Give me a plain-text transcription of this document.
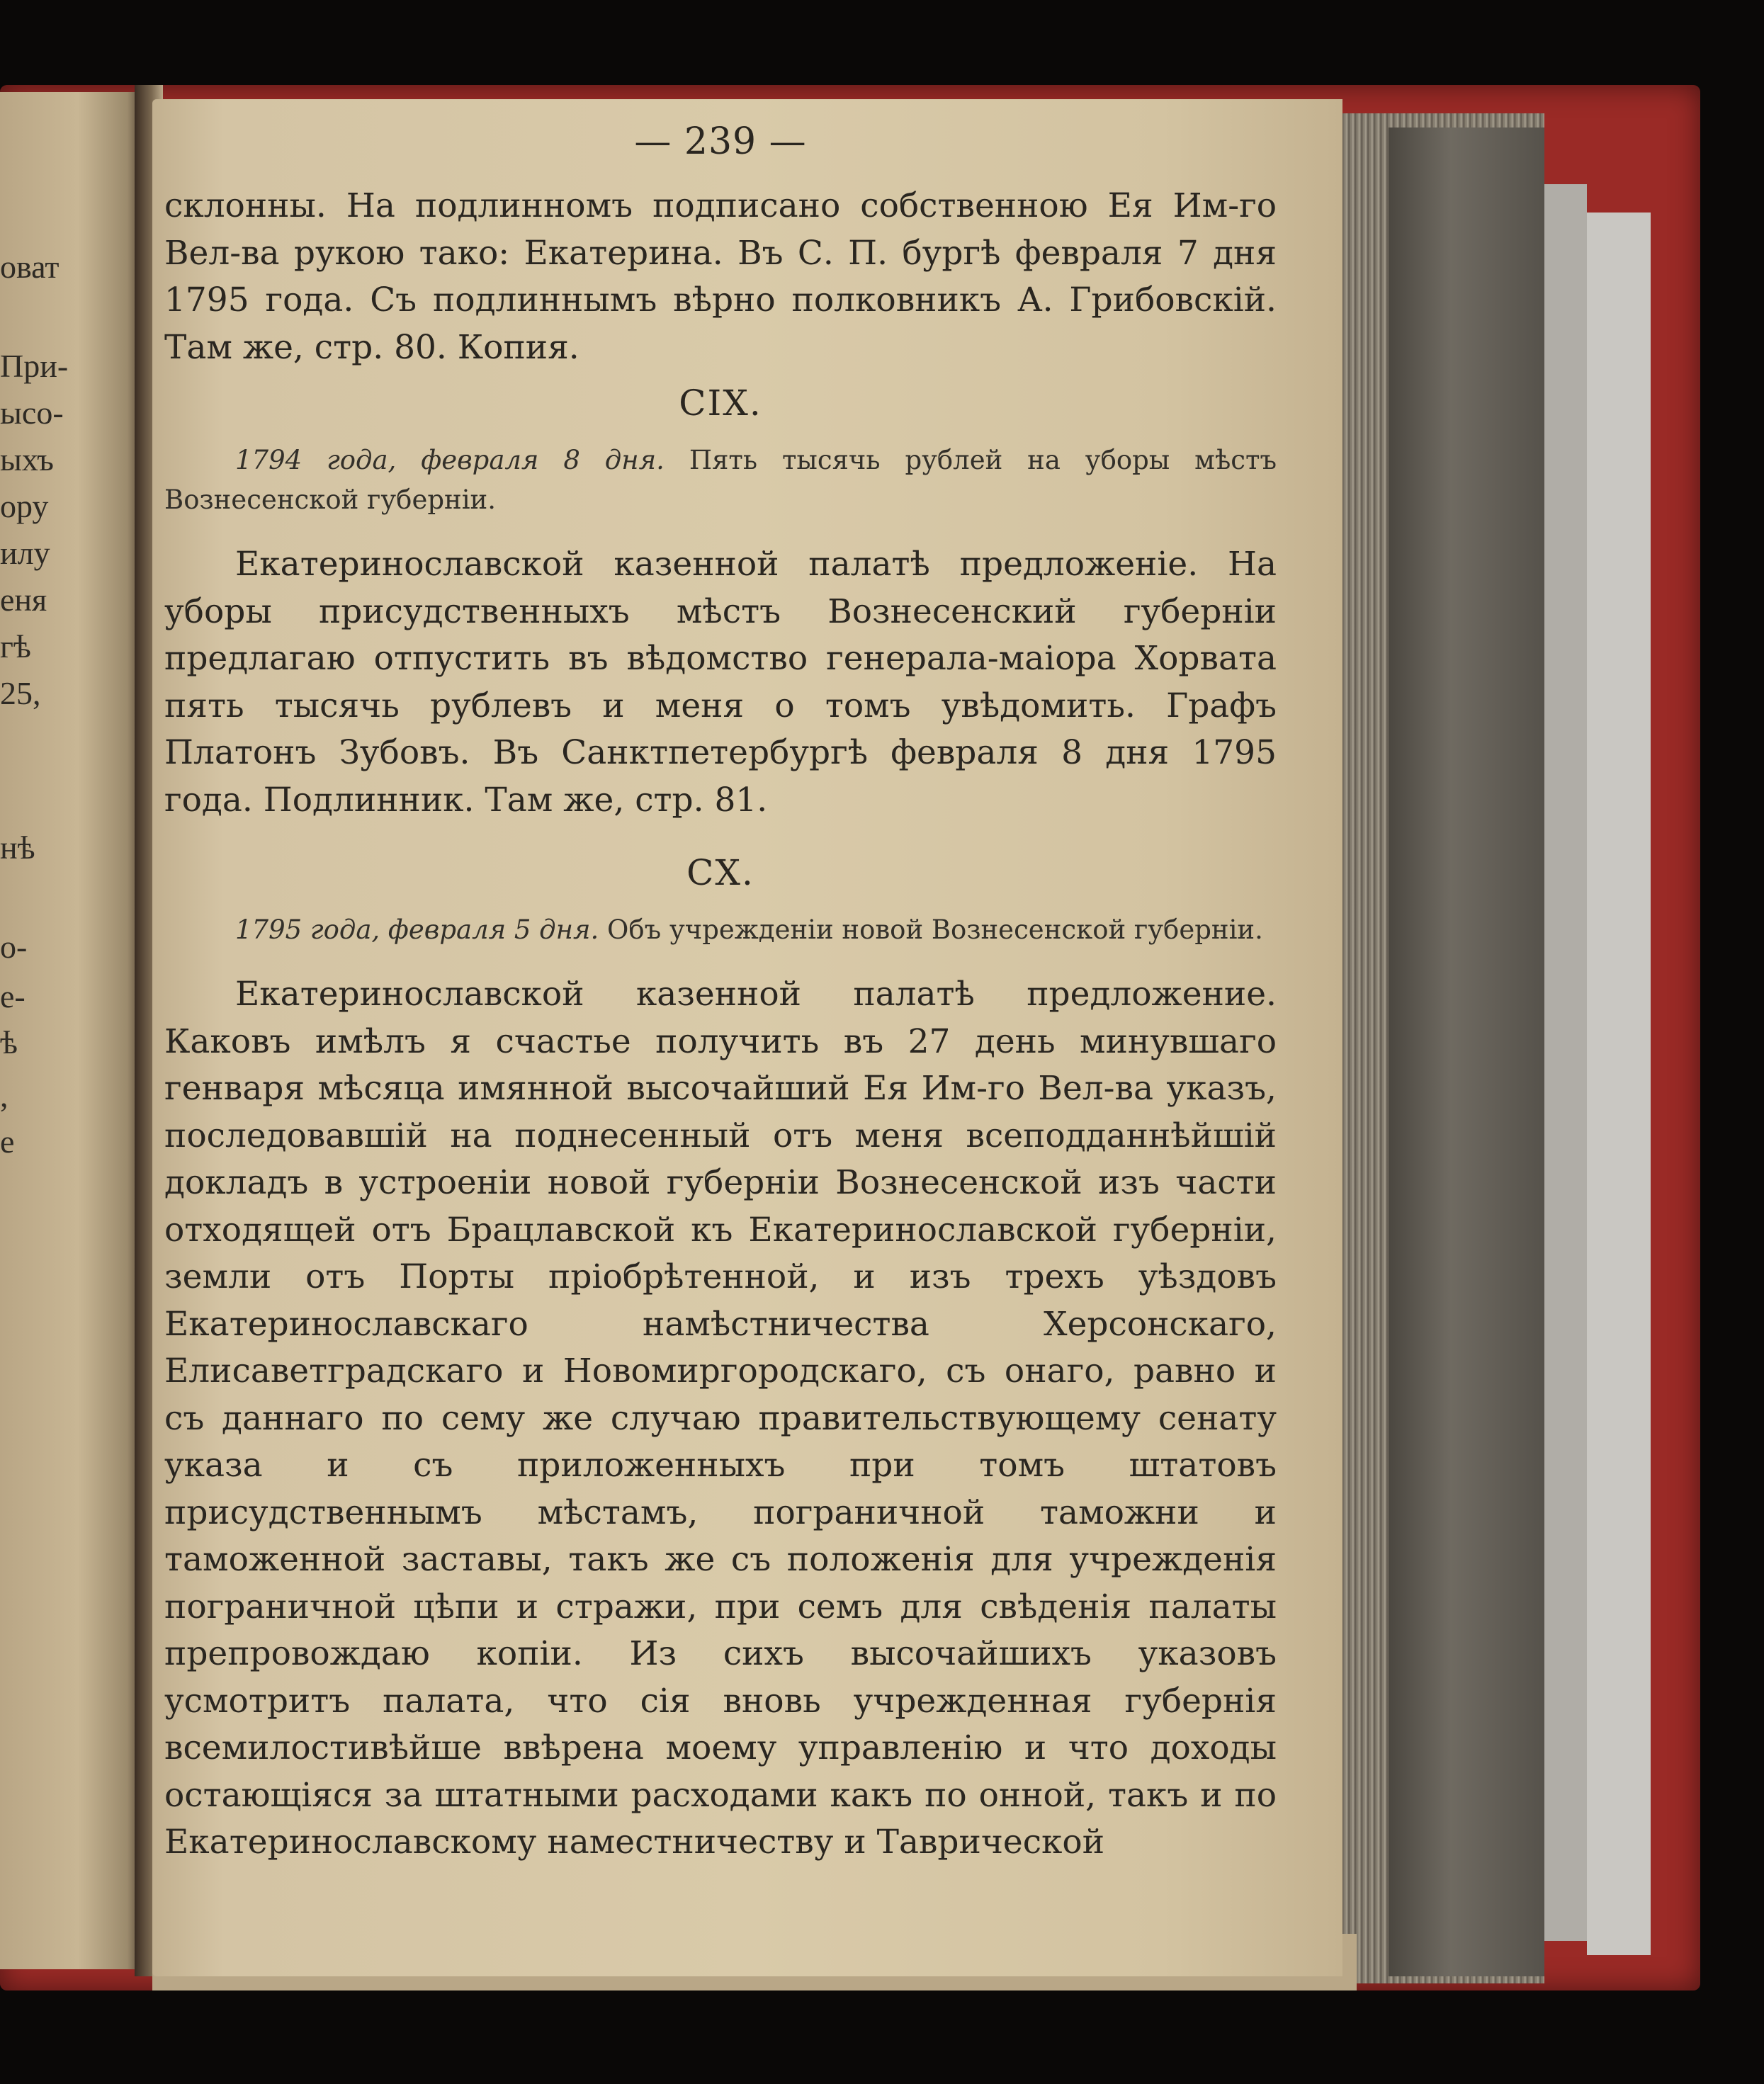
оват
При-
ысо-
ыхъ
ору
илу
еня
гѣ
25,
нѣ
о-
е-
ѣ
,
е
— 239 —
склонны. На подлинномъ подписано собственною Ея Им-го Вел-ва рукою тако: Екатерина. Въ С. П. бургѣ февраля 7 дня 1795 года. Съ подлиннымъ вѣрно полковникъ А. Грибовскій. Там же, стр. 80. Копия.
CIX.
1794 года, февраля 8 дня. Пять тысячь рублей на уборы мѣстъ Вознесенской губерніи.
Екатеринославской казенной палатѣ предложеніе. На уборы присудственныхъ мѣстъ Вознесенский губерніи предлагаю отпустить въ вѣдомство генерала-маіора Хорвата пять тысячь рублевъ и меня о томъ увѣдомить. Графъ Платонъ Зубовъ. Въ Санктпетербургѣ февраля 8 дня 1795 года. Подлинник. Там же, стр. 81.
CX.
1795 года, февраля 5 дня. Объ учрежденіи новой Вознесенской губерніи.
Екатеринославской казенной палатѣ предложение. Каковъ имѣлъ я счастье получить въ 27 день минувшаго генваря мѣсяца имянной высочайший Ея Им-го Вел-ва указъ, последовавшій на поднесенный отъ меня всеподданнѣйшій докладъ в устроеніи новой губерніи Вознесенской изъ части отходящей отъ Брацлавской къ Екатеринославской губерніи, земли отъ Порты пріобрѣтенной, и изъ трехъ уѣздовъ Екатеринославскаго намѣстничества Херсонскаго, Елисаветградскаго и Новомиргородскаго, съ онаго, равно и съ даннаго по сему же случаю правительствующему сенату указа и съ приложенныхъ при томъ штатовъ присудственнымъ мѣстамъ, пограничной таможни и таможенной заставы, такъ же съ положенія для учрежденія пограничной цѣпи и стражи, при семъ для свѣденія палаты препровождаю копіи. Из сихъ высочайшихъ указовъ усмотритъ палата, что сія вновь учрежденная губернія всемилостивѣйше ввѣрена моему управленію и что доходы остающіяся за штатными расходами какъ по онной, такъ и по Екатеринославскому наместничеству и Таврической
